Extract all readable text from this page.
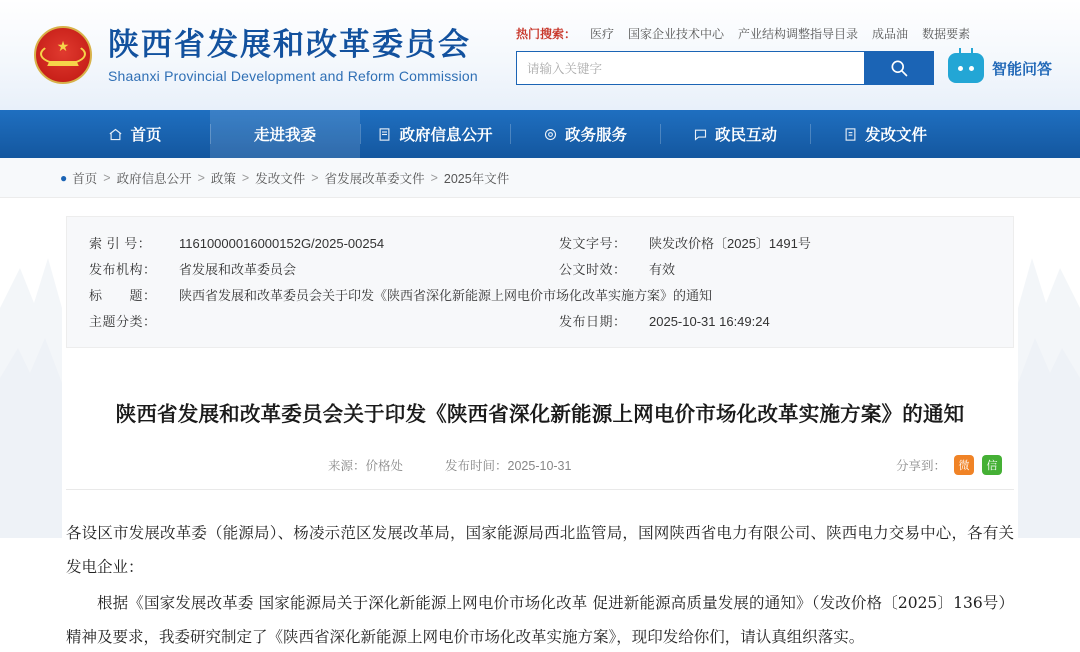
★ 陕西省发展和改革委员会
Shaanxi Provincial Development and Reform Commission
热门搜索： 医疗 国家企业技术中心 产业结构调整指导目录 成品油 数据要素
请输入关键字	智能问答
首页	走进我委	政府信息公开	政务服务	政民互动	发改文件
● 首页 > 政府信息公开 > 政策 > 发改文件 > 省发展改革委文件 > 2025年文件
索 引 号：	11610000016000152G/2025-00254
发布机构：	省发展和改革委员会
标　　题：	陕西省发展和改革委员会关于印发《陕西省深化新能源上网电价市场化改革实施方案》的通知
主题分类：
发文字号：	陕发改价格〔2025〕1491号
公文时效：	有效
发布日期：	2025-10-31 16:49:24
陕西省发展和改革委员会关于印发《陕西省深化新能源上网电价市场化改革实施方案》的通知
来源：价格处	发布时间：2025-10-31	分享到：	微	信

各设区市发展改革委（能源局）、杨凌示范区发展改革局，国家能源局西北监管局，国网陕西省电力有限公司、陕西电力交易中心，各有关发电企业：

根据《国家发展改革委 国家能源局关于深化新能源上网电价市场化改革 促进新能源高质量发展的通知》（发改价格〔2025〕136号）精神及要求，我委研究制定了《陕西省深化新能源上网电价市场化改革实施方案》，现印发给你们，请认真组织落实。
